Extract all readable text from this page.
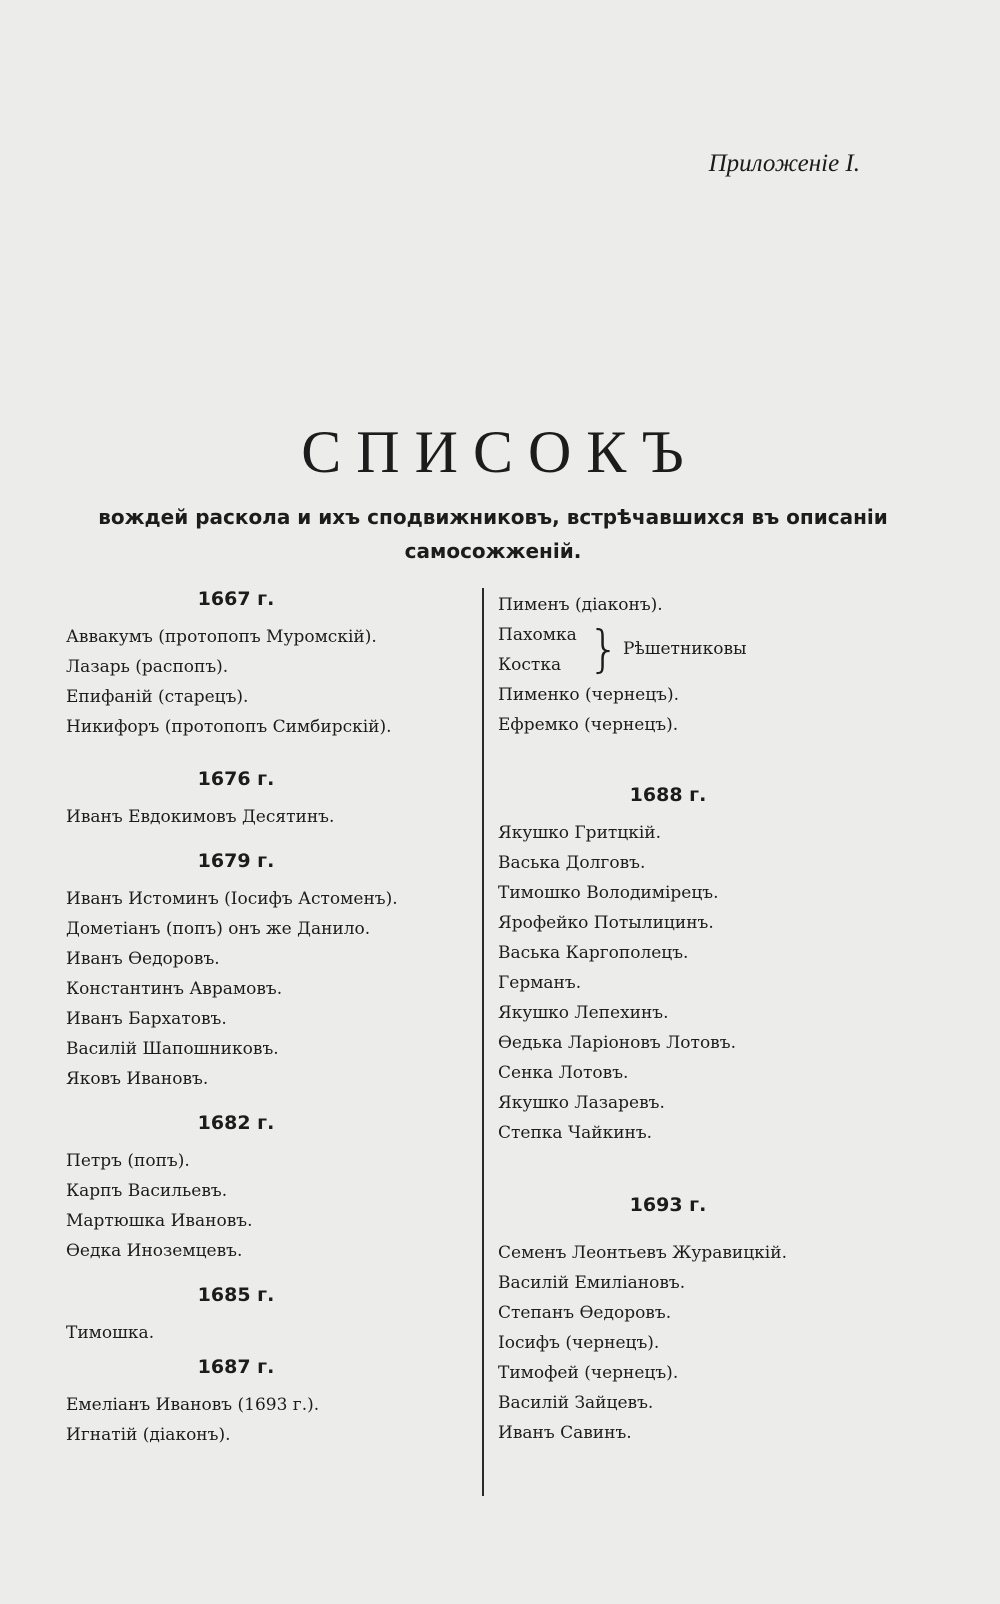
Приложенiе I.
СПИСОКЪ
вождей раскола и ихъ сподвижниковъ, встрѣчавшихся въ описанiи
самосожженiй.
1667 г.
Аввакумъ (протопопъ Муромскiй).
Лазарь (распопъ).
Епифанiй (старецъ).
Никифоръ (протопопъ Симбирскiй).
1676 г.
Иванъ Евдокимовъ Десятинъ.
1679 г.
Иванъ Истоминъ (Iосифъ Астоменъ).
Дометiанъ (попъ) онъ же Данило.
Иванъ Ѳедоровъ.
Константинъ Аврамовъ.
Иванъ Бархатовъ.
Василiй Шапошниковъ.
Яковъ Ивановъ.
1682 г.
Петръ (попъ).
Карпъ Васильевъ.
Мартюшка Ивановъ.
Ѳедка Иноземцевъ.
1685 г.
Тимошка.
1687 г.
Емелiанъ Ивановъ (1693 г.).
Игнатiй (дiаконъ).
Пименъ (дiаконъ).
Пахомка
Костка } Рѣшетниковы
Пименко (чернецъ).
Ефремко (чернецъ).
1688 г.
Якушко Гритцкiй.
Васька Долговъ.
Тимошко Володимiрецъ.
Ярофейко Потылицинъ.
Васька Каргополецъ.
Германъ.
Якушко Лепехинъ.
Ѳедька Ларiоновъ Лотовъ.
Сенка Лотовъ.
Якушко Лазаревъ.
Степка Чайкинъ.
1693 г.
Семенъ Леонтьевъ Журавицкiй.
Василiй Емилiановъ.
Степанъ Ѳедоровъ.
Iосифъ (чернецъ).
Тимофей (чернецъ).
Василiй Зайцевъ.
Иванъ Савинъ.
